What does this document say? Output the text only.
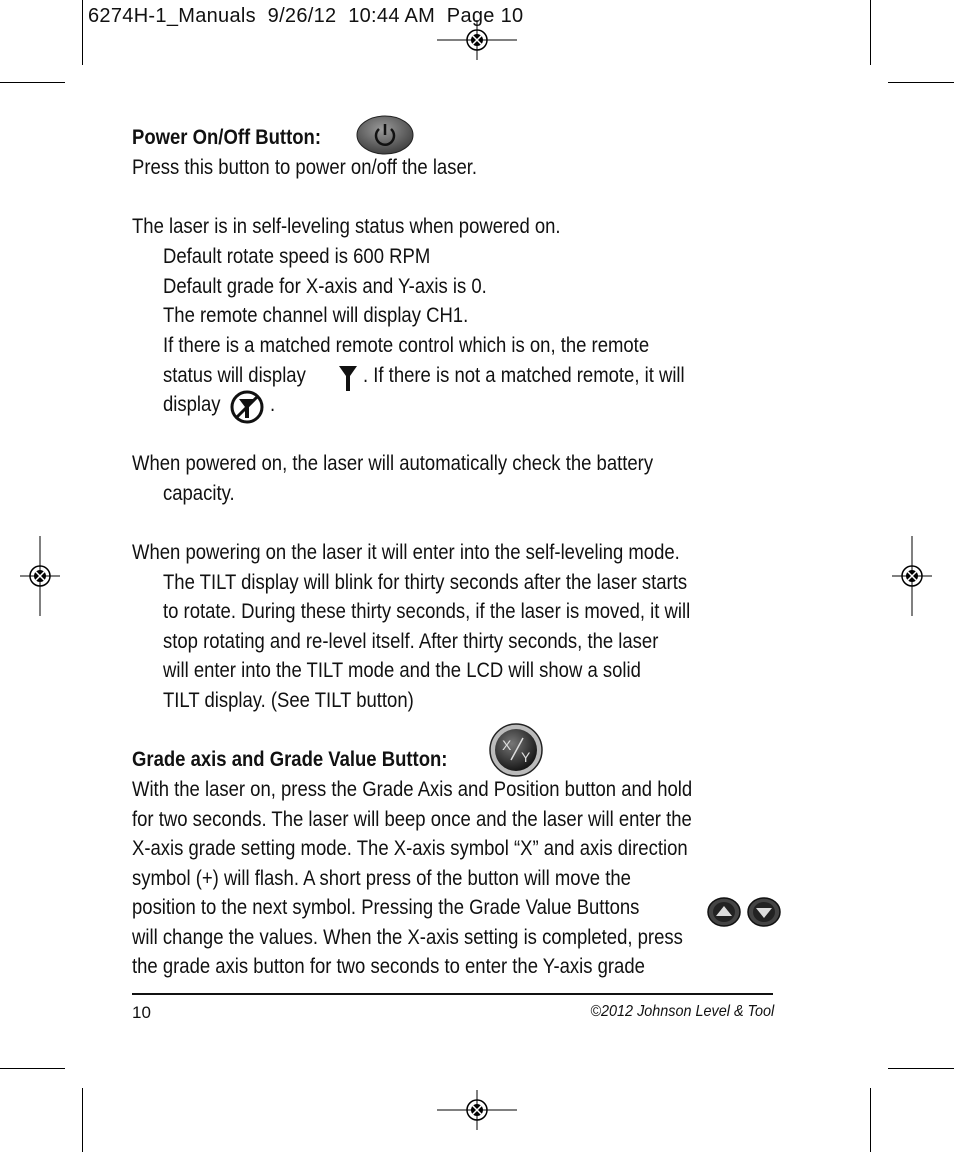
6274H-1_Manuals  9/26/12  10:44 AM  Page 10
Power On/Off Button:
Press this button to power on/off the laser.
The laser is in self-leveling status when powered on.
Default rotate speed is 600 RPM
Default grade for X-axis and Y-axis is 0.
The remote channel will display CH1.
If there is a matched remote control which is on, the remote
status will display	. If there is not a matched remote, it will
display .
When powered on, the laser will automatically check the battery
capacity.
When powering on the laser it will enter into the self-leveling mode.
The TILT display will blink for thirty seconds after the laser starts
to rotate. During these thirty seconds, if the laser is moved, it will
stop rotating and re-level itself. After thirty seconds, the laser
will enter into the TILT mode and the LCD will show a solid
TILT display. (See TILT button)
Grade axis and Grade Value Button:
X
Y
With the laser on, press the Grade Axis and Position button and hold
for two seconds. The laser will beep once and the laser will enter the
X-axis grade setting mode. The X-axis symbol “X” and axis direction
symbol (+) will flash. A short press of the button will move the
position to the next symbol. Pressing the Grade Value Buttons
will change the values. When the X-axis setting is completed, press
the grade axis button for two seconds to enter the Y-axis grade
10	©2012 Johnson Level & Tool
